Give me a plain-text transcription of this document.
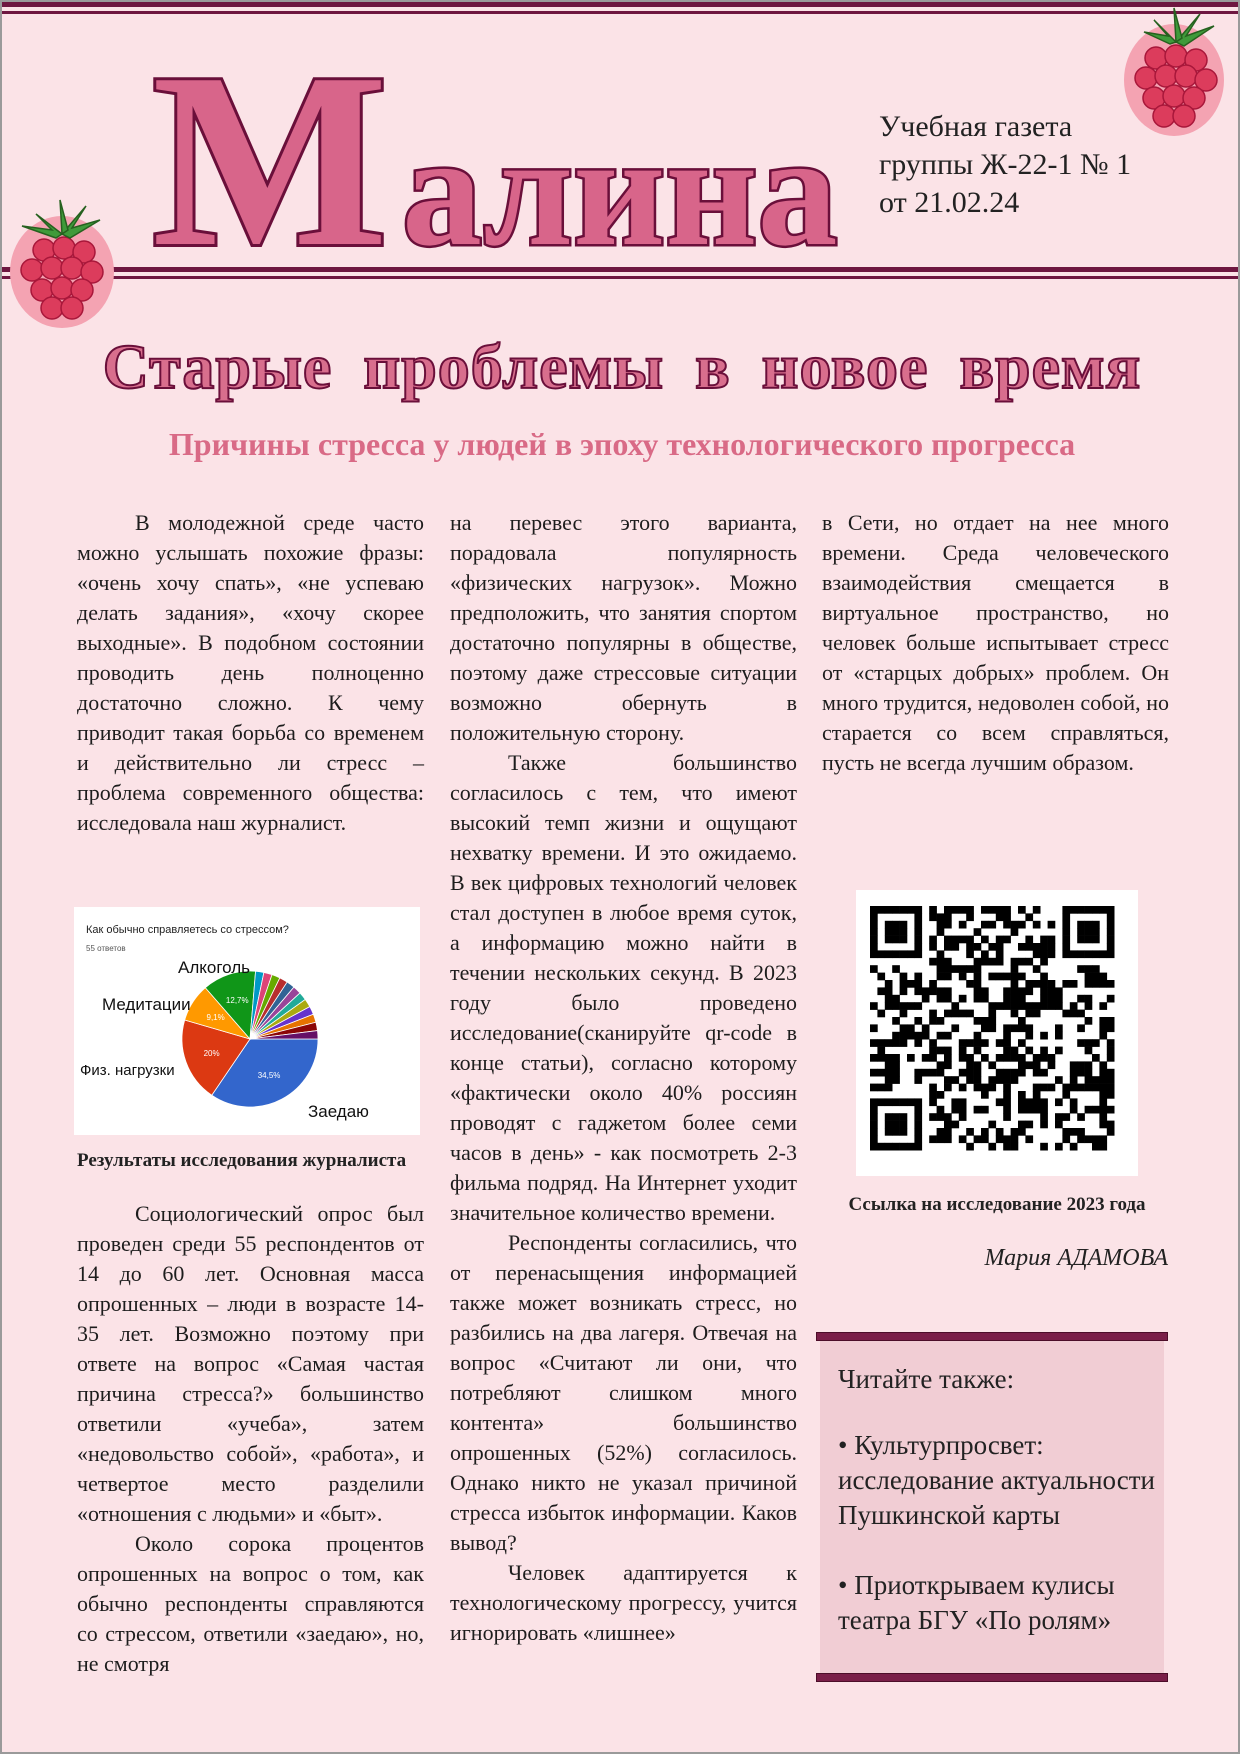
М алина Учебная газета
группы Ж-22-1 № 1
от 21.02.24
Старые проблемы в новое время
Причины стресса у людей в эпоху технологического прогресса

В молодежной среде часто можно услышать похожие фразы: «очень хочу спать», «не успеваю делать задания», «хочу скорее выходные». В подобном состоянии проводить день полноценно достаточно сложно. К чему приводит такая борьба со временем и действительно ли стресс – проблема современного общества: исследовала наш журналист.

Как обычно справляетесь со стрессом?
55 ответов
34,5%
20%
9,1%
12,7%
Алкоголь
Медитации
Физ. нагрузки
Заедаю
Результаты исследования журналиста

Социологический опрос был проведен среди 55 респондентов от 14 до 60 лет. Основная масса опрошенных – люди в возрасте 14-35 лет. Возможно поэтому при ответе на вопрос «Самая частая причина стресса?» большинство ответили «учеба», затем «недовольство собой», «работа», и четвертое место разделили «отношения с людьми» и «быт».

Около сорока процентов опрошенных на вопрос о том, как обычно респонденты справляются со стрессом, ответили «заедаю», но, не смотря

на перевес этого варианта, порадовала популярность «физических нагрузок». Можно предположить, что занятия спортом достаточно популярны в обществе, поэтому даже стрессовые ситуации возможно обернуть в положительную сторону.

Также большинство согласилось с тем, что имеют высокий темп жизни и ощущают нехватку времени. И это ожидаемо. В век цифровых технологий человек стал доступен в любое время суток, а информацию можно найти в течении нескольких секунд. В 2023 году было проведено исследование(сканируйте qr-code в конце статьи), согласно которому «фактически около 40% россиян проводят с гаджетом более семи часов в день» - как посмотреть 2-3 фильма подряд. На Интернет уходит значительное количество времени.

Респонденты согласились, что от перенасыщения информацией также может возникать стресс, но разбились на два лагеря. Отвечая на вопрос «Считают ли они, что потребляют слишком много контента» большинство опрошенных (52%) согласилось. Однако никто не указал причиной стресса избыток информации. Каков вывод?

Человек адаптируется к технологическому прогрессу, учится игнорировать «лишнее»

в Сети, но отдает на нее много времени. Среда человеческого взаимодействия смещается в виртуальное пространство, но человек больше испытывает стресс от «старцых добрых» проблем. Он много трудится, недоволен собой, но старается со всем справляться, пусть не всегда лучшим образом.

Ссылка на исследование 2023 года
Мария АДАМОВА
Читайте также:
• Культурпросвет: исследование актуальности Пушкинской карты
• Приоткрываем кулисы театра БГУ «По ролям»
